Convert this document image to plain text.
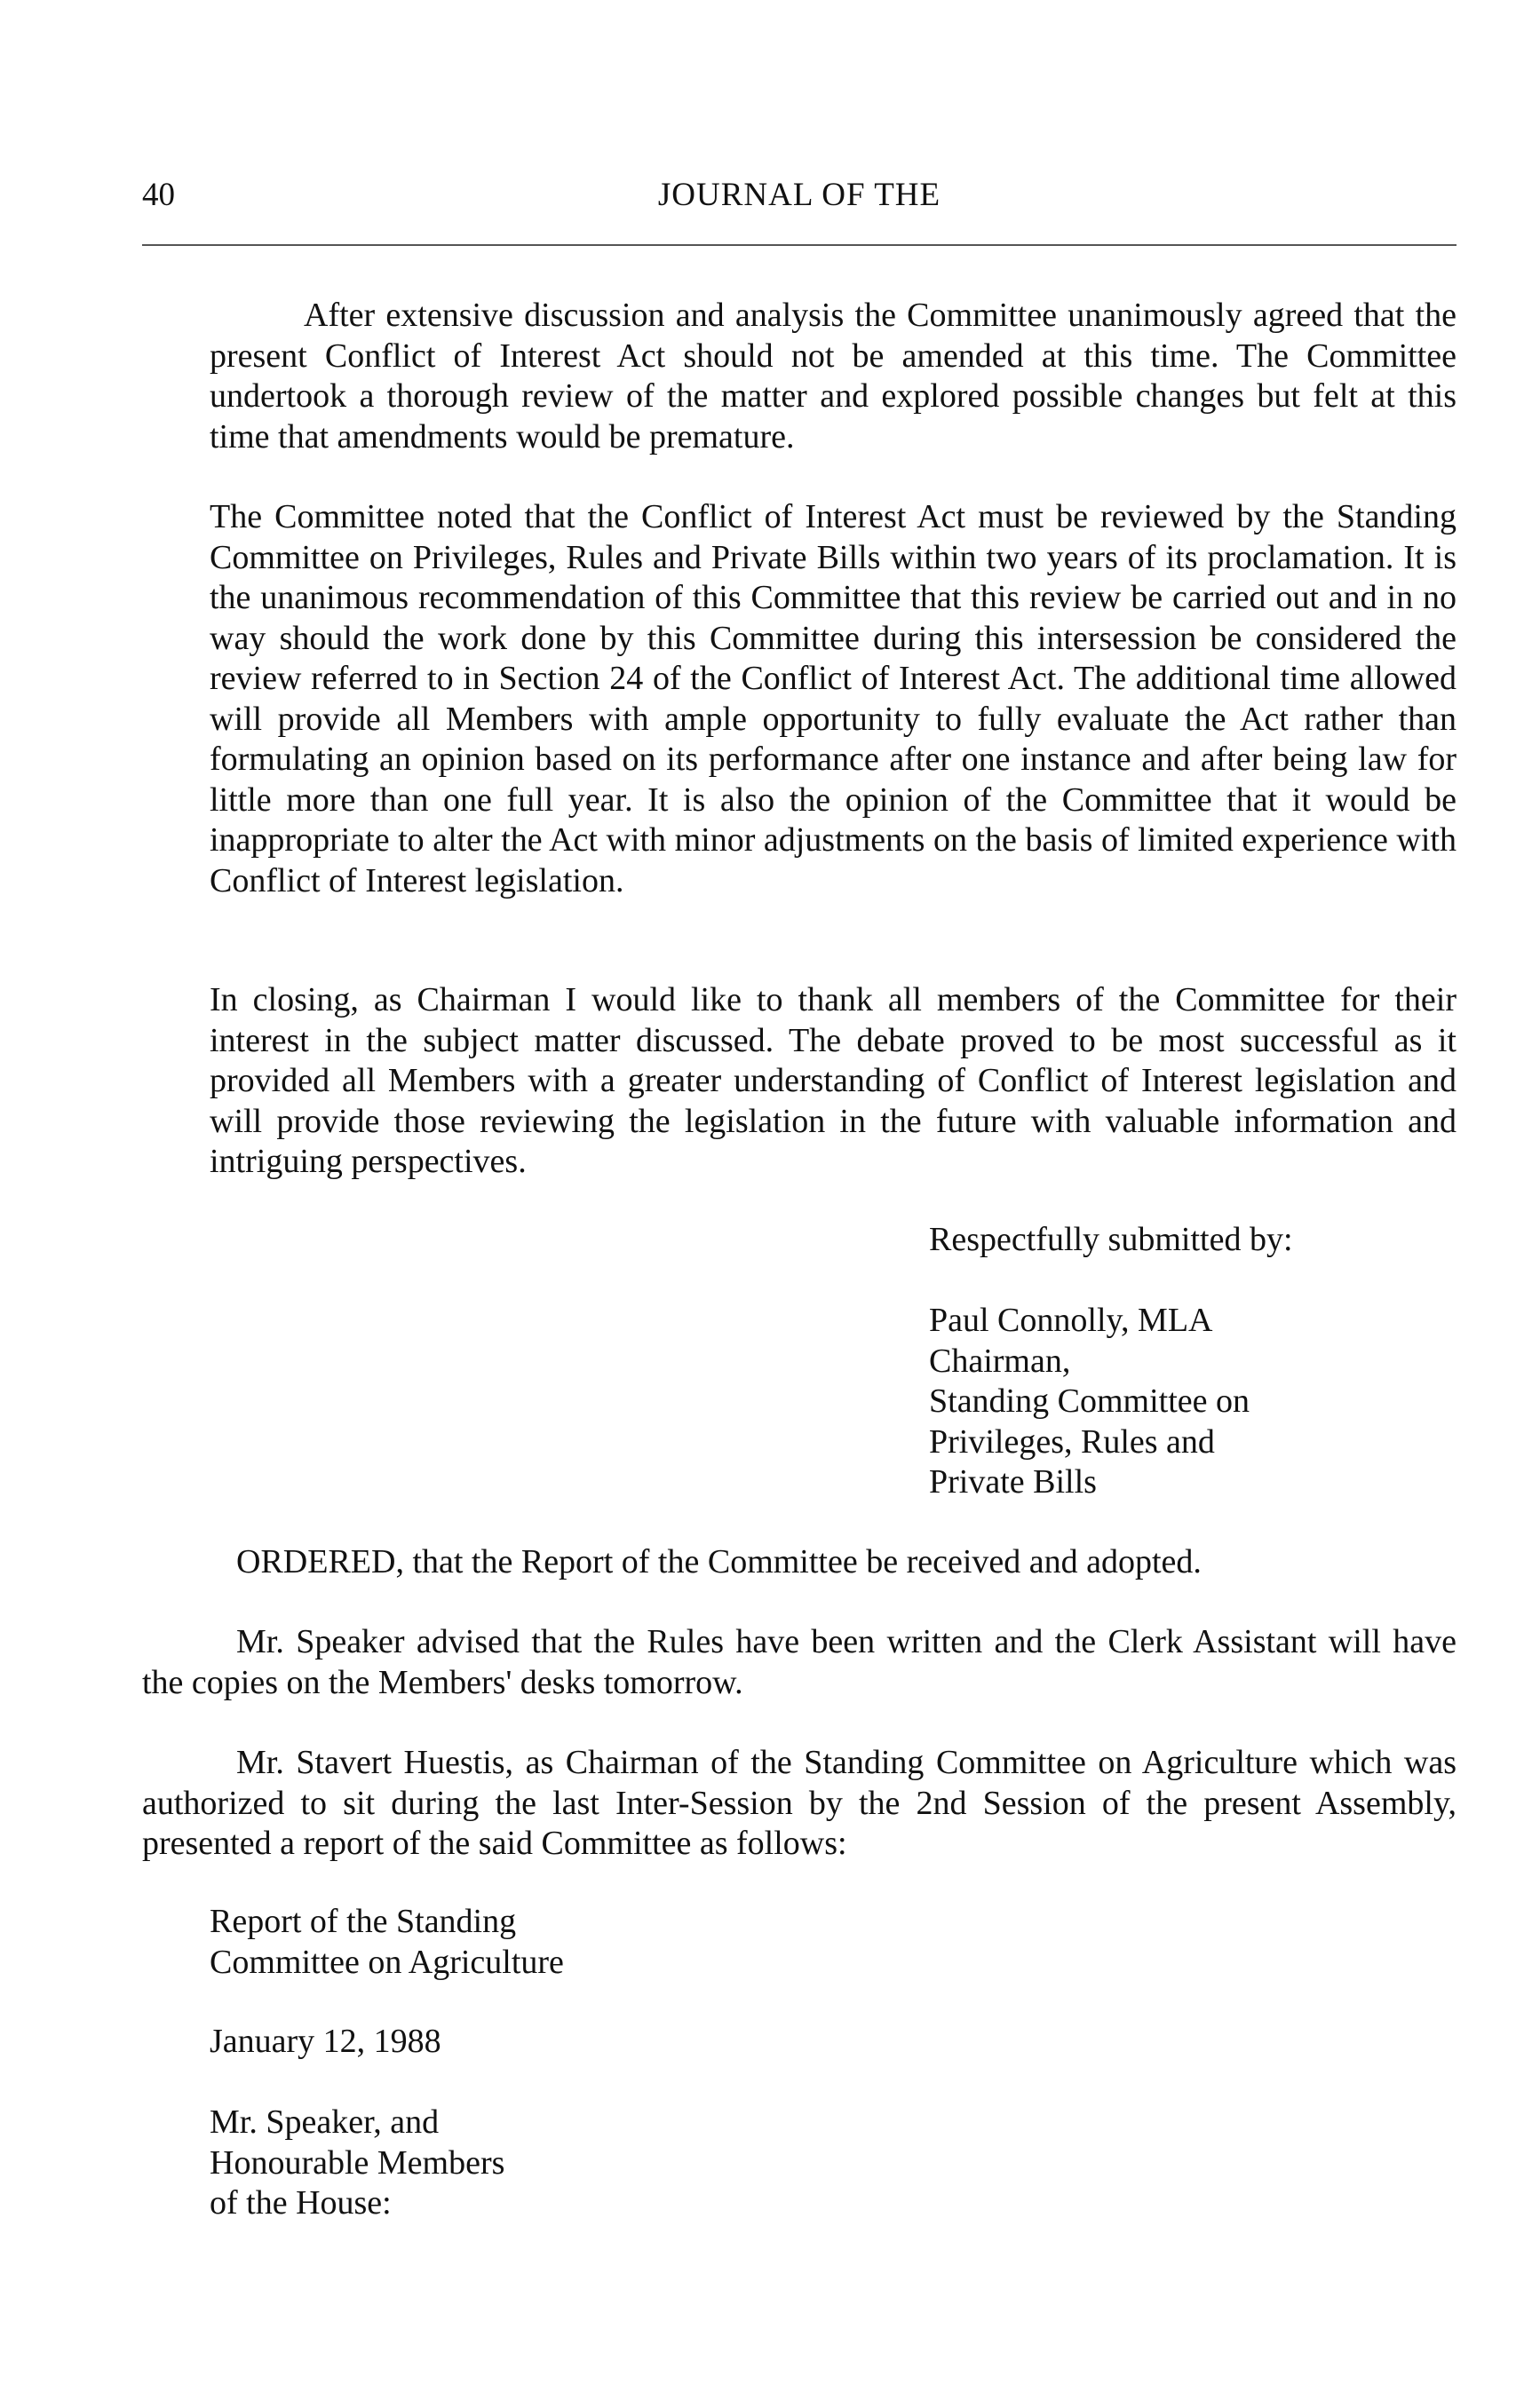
40	JOURNAL OF THE

After extensive discussion and analysis the Committee unanimously agreed that the present Conflict of Interest Act should not be amended at this time. The Committee undertook a thorough review of the matter and explored possible changes but felt at this time that amendments would be premature.

The Committee noted that the Conflict of Interest Act must be reviewed by the Standing Committee on Privileges, Rules and Private Bills within two years of its proclamation. It is the unanimous recommendation of this Committee that this review be carried out and in no way should the work done by this Committee during this intersession be considered the review referred to in Section 24 of the Conflict of Interest Act. The additional time allowed will provide all Members with ample opportunity to fully evaluate the Act rather than formulating an opinion based on its performance after one instance and after being law for little more than one full year. It is also the opinion of the Committee that it would be inappropriate to alter the Act with minor adjustments on the basis of limited experience with Conflict of Interest legislation.

In closing, as Chairman I would like to thank all members of the Committee for their interest in the subject matter discussed. The debate proved to be most successful as it provided all Members with a greater understanding of Conflict of Interest legislation and will provide those reviewing the legislation in the future with valuable information and intriguing perspectives.

Respectfully submitted by:

Paul Connolly, MLA
Chairman,
Standing Committee on
Privileges, Rules and
Private Bills

ORDERED, that the Report of the Committee be received and adopted.

Mr. Speaker advised that the Rules have been written and the Clerk Assistant will have the copies on the Members' desks tomorrow.

Mr. Stavert Huestis, as Chairman of the Standing Committee on Agriculture which was authorized to sit during the last Inter-Session by the 2nd Session of the present Assembly, presented a report of the said Committee as follows:

Report of the Standing
Committee on Agriculture

January 12, 1988

Mr. Speaker, and
Honourable Members
of the House:
